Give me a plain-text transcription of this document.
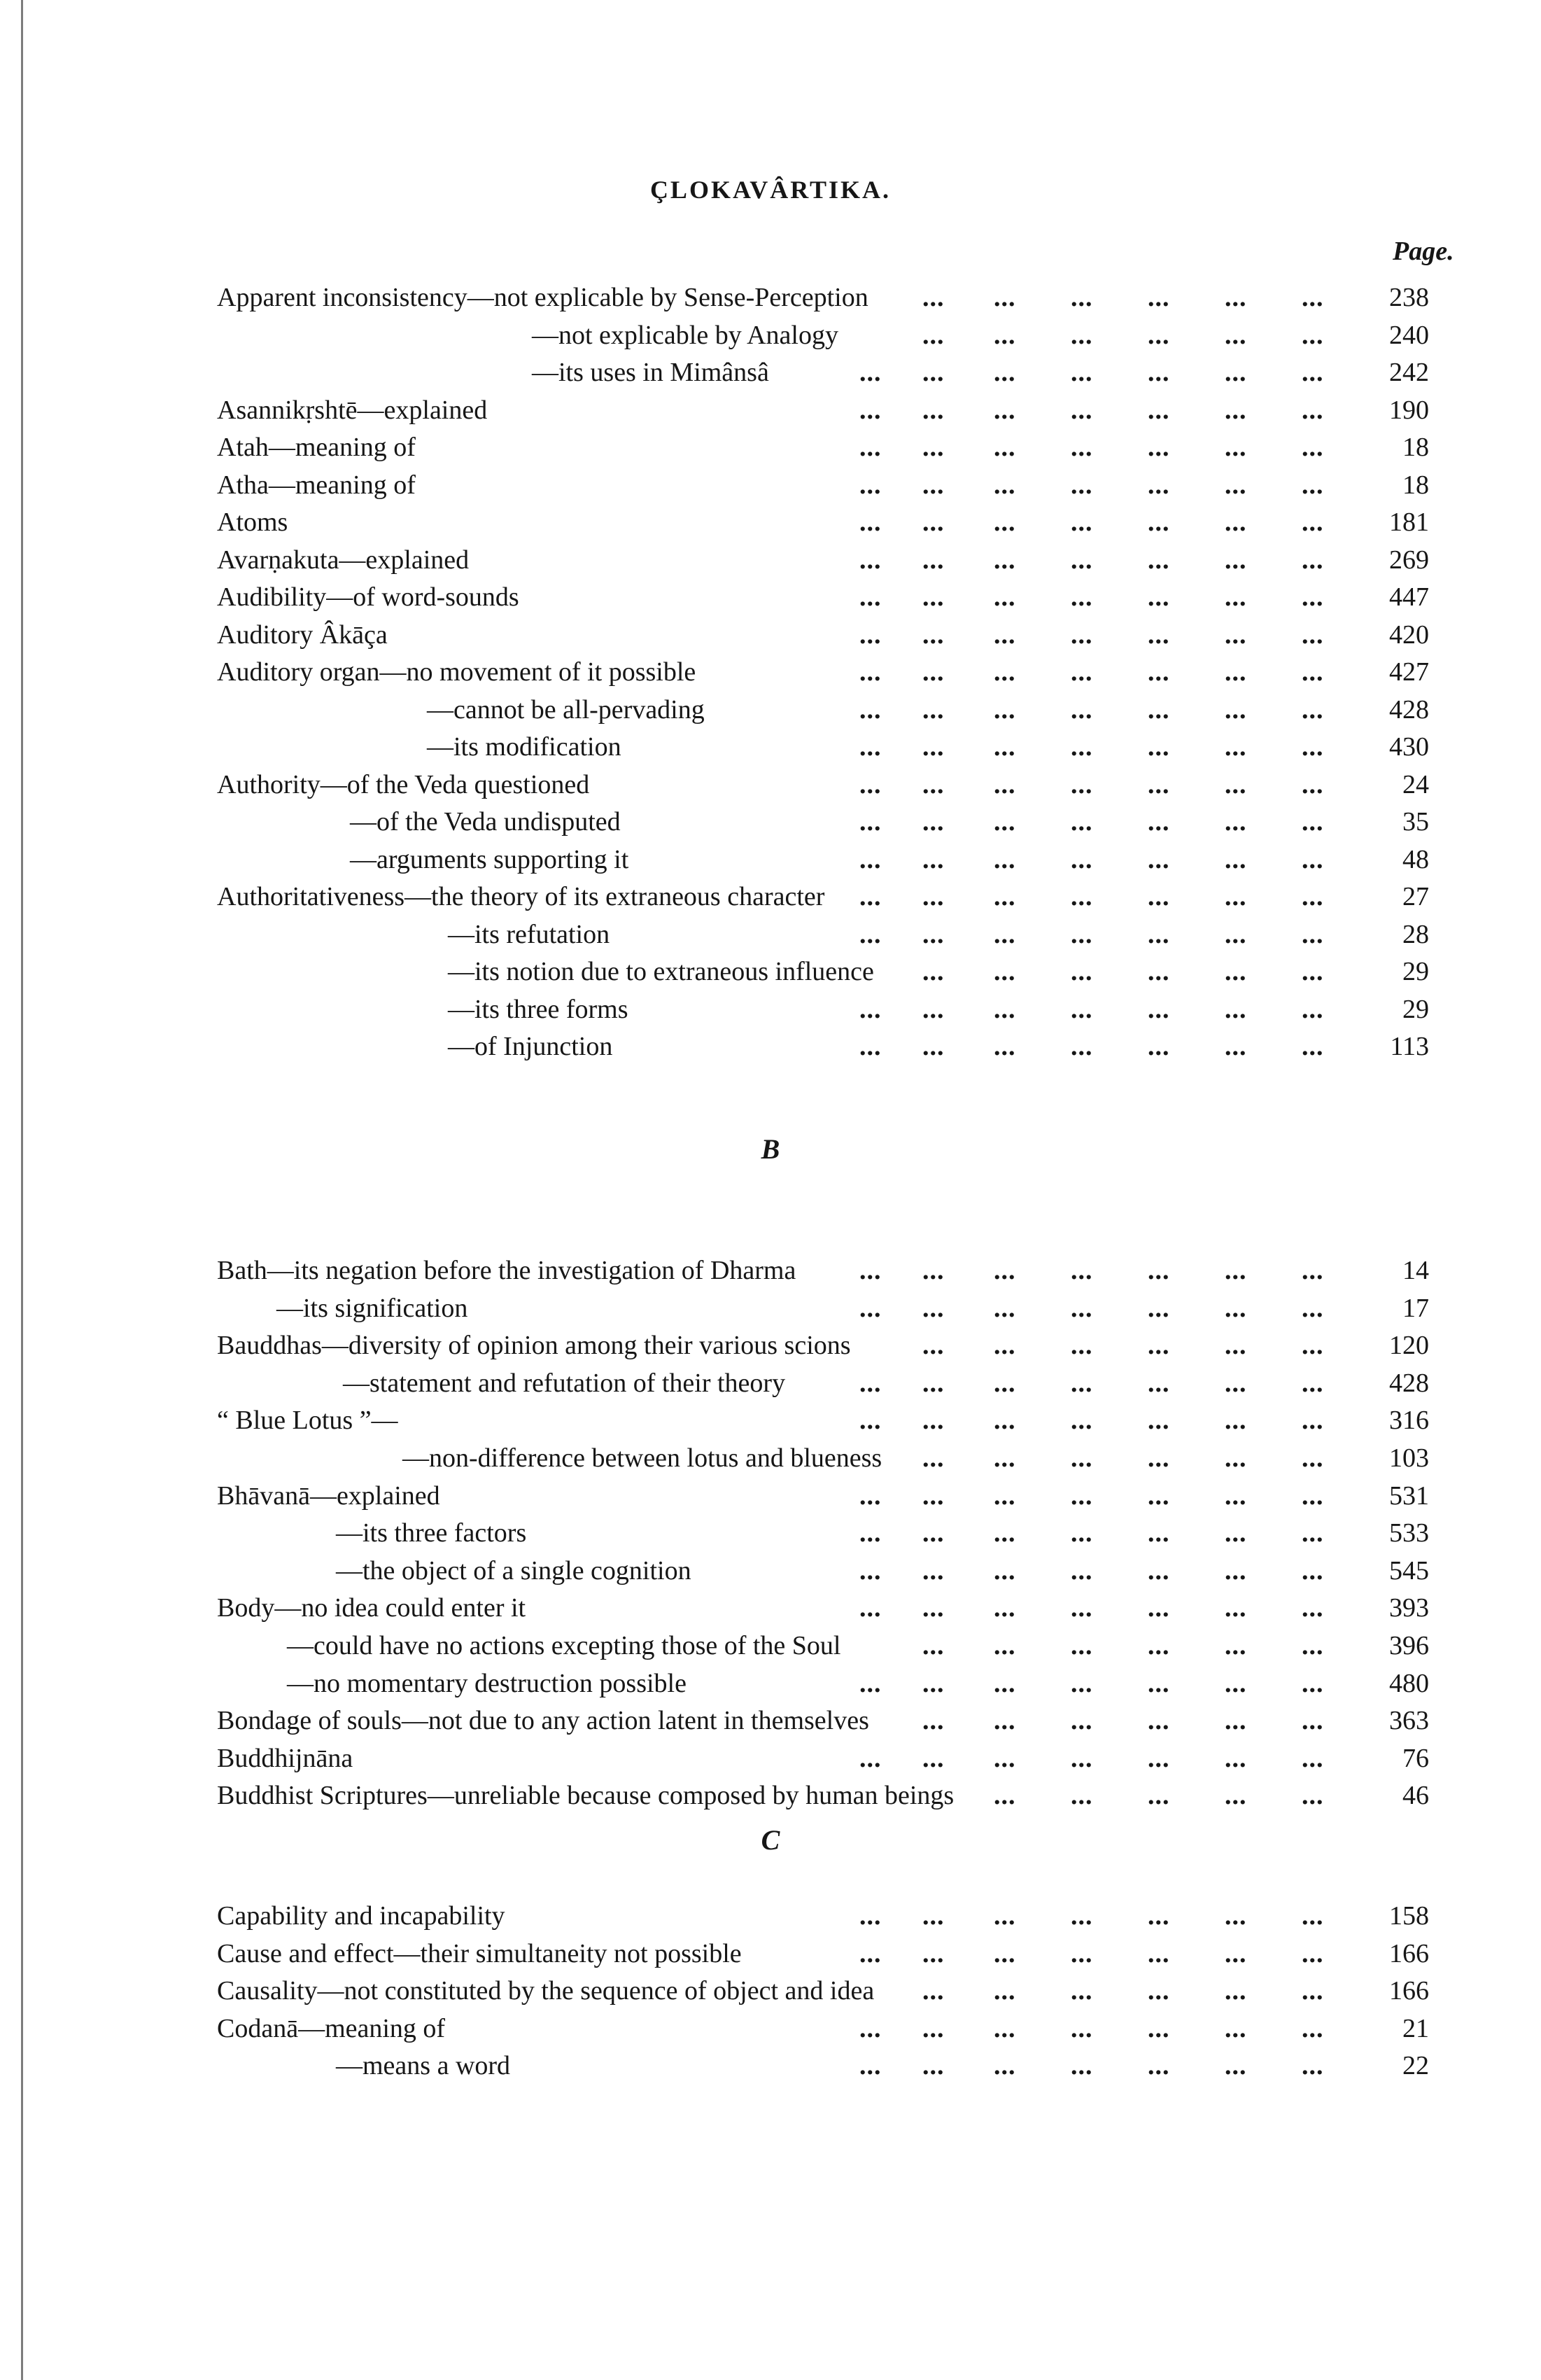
ÇLOKAVÂRTIKA.
Page.
Apparent inconsistency—not explicable by Sense-Perception ... ... ... ... ... ...	238
—not explicable by Analogy	... ... ... ... ... ...	240
—its uses in Mimânsâ	... ... ... ... ... ... ...	242
Asannikṛshtē—explained	... ... ... ... ... ... ...	190
Atah—meaning of	... ... ... ... ... ... ...	18
Atha—meaning of	... ... ... ... ... ... ...	18
Atoms	... ... ... ... ... ... ...	181
Avarṇakuta—explained	... ... ... ... ... ... ...	269
Audibility—of word-sounds	... ... ... ... ... ... ...	447
Auditory Âkāça	... ... ... ... ... ... ...	420
Auditory organ—no movement of it possible	... ... ... ... ... ... ...	427
—cannot be all-pervading	... ... ... ... ... ... ...	428
—its modification	... ... ... ... ... ... ...	430
Authority—of the Veda questioned	... ... ... ... ... ... ...	24
—of the Veda undisputed	... ... ... ... ... ... ...	35
—arguments supporting it	... ... ... ... ... ... ...	48
Authoritativeness—the theory of its extraneous character ... ... ... ... ... ... ...	27
—its refutation	... ... ... ... ... ... ...	28
—its notion due to extraneous influence ... ... ... ... ... ...	29
—its three forms	... ... ... ... ... ... ...	29
—of Injunction	... ... ... ... ... ... ...	113
B
Bath—its negation before the investigation of Dharma ... ... ... ... ... ... ...	14
—its signification	... ... ... ... ... ... ...	17
Bauddhas—diversity of opinion among their various scions	... ... ... ... ... ...	120
—statement and refutation of their theory	... ... ... ... ... ... ...	428
“ Blue Lotus ”—	... ... ... ... ... ... ...	316
—non-difference between lotus and blueness ... ... ... ... ... ...	103
Bhāvanā—explained	... ... ... ... ... ... ...	531
—its three factors	... ... ... ... ... ... ...	533
—the object of a single cognition	... ... ... ... ... ... ...	545
Body—no idea could enter it	... ... ... ... ... ... ...	393
—could have no actions excepting those of the Soul	... ... ... ... ... ...	396
—no momentary destruction possible	... ... ... ... ... ... ...	480
Bondage of souls—not due to any action latent in themselves ... ... ... ... ... ...	363
Buddhijnāna	... ... ... ... ... ... ...	76
Buddhist Scriptures—unreliable because composed by human beings ... ... ... ... ...	46
C
Capability and incapability	... ... ... ... ... ... ...	158
Cause and effect—their simultaneity not possible	... ... ... ... ... ... ...	166
Causality—not constituted by the sequence of object and idea ... ... ... ... ... ...	166
Codanā—meaning of	... ... ... ... ... ... ...	21
—means a word	... ... ... ... ... ... ...	22
